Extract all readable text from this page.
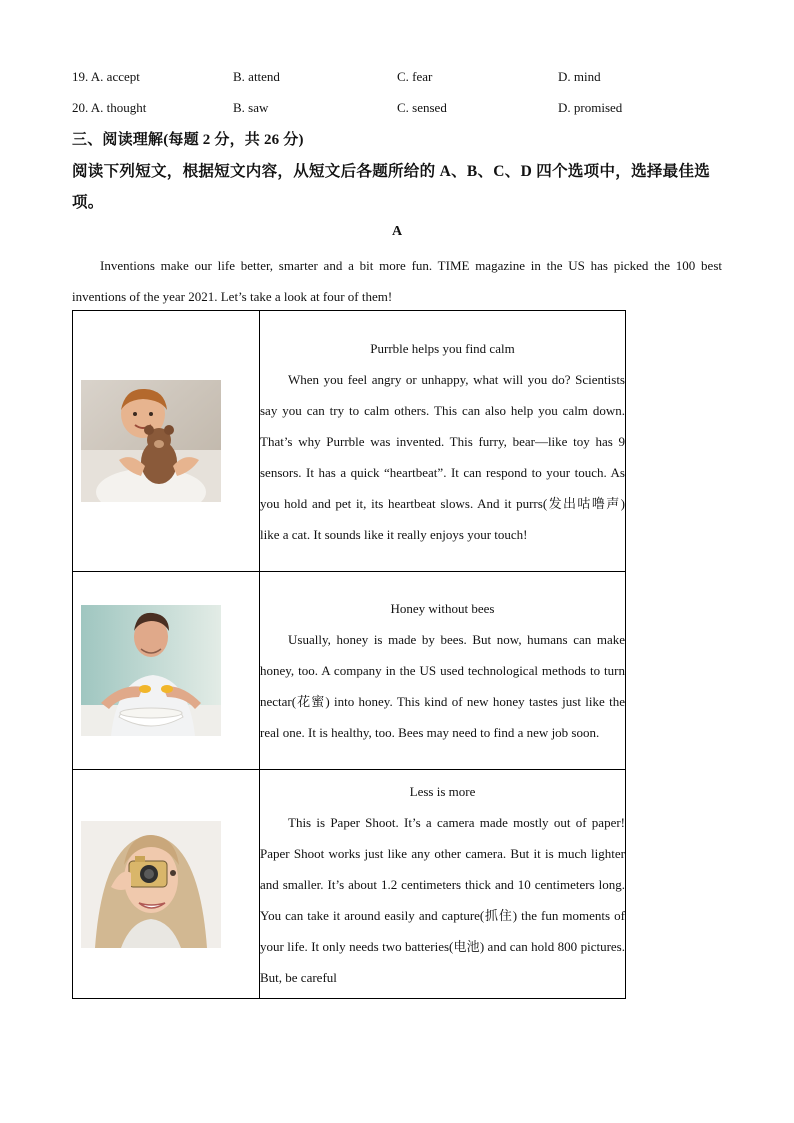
19. A. accept	B. attend	C. fear	D. mind
20. A. thought	B. saw	C. sensed	D. promised
三、阅读理解(每题 2 分，共 26 分)
阅读下列短文，根据短文内容，从短文后各题所给的 A、B、C、D 四个选项中，选择最佳选项。
A
Inventions make our life better, smarter and a bit more fun. TIME magazine in the US has picked the 100 best inventions of the year 2021. Let’s take a look at four of them!

Purrble helps you find calm
When you feel angry or unhappy, what will you do? Scientists say you can try to calm others. This can also help you calm down. That’s why Purrble was invented. This furry, bear—like toy has 9 sensors. It has a quick “heartbeat”. It can respond to your touch. As you hold and pet it, its heartbeat slows. And it purrs(发出咕噜声) like a cat. It sounds like it really enjoys your touch!

Honey without bees
Usually, honey is made by bees. But now, humans can make honey, too. A company in the US used technological methods to turn nectar(花蜜) into honey. This kind of new honey tastes just like the real one. It is healthy, too. Bees may need to find a new job soon.

Less is more
This is Paper Shoot. It’s a camera made mostly out of paper! Paper Shoot works just like any other camera. But it is much lighter and smaller. It’s about 1.2 centimeters thick and 10 centimeters long. You can take it around easily and capture(抓住) the fun moments of your life. It only needs two batteries(电池) and can hold 800 pictures. But, be careful
